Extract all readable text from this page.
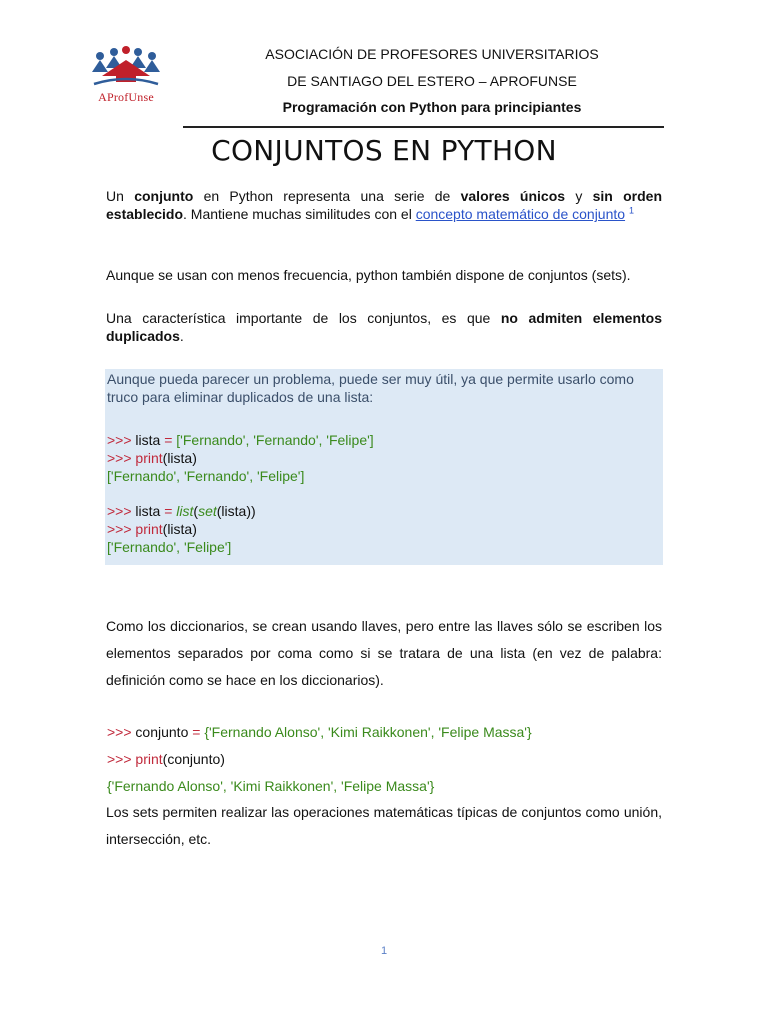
AProfUnse
ASOCIACIÓN DE PROFESORES UNIVERSITARIOS
DE SANTIAGO DEL ESTERO – APROFUNSE
Programación con Python para principiantes
CONJUNTOS EN PYTHON
Un conjunto en Python representa una serie de valores únicos y sin orden establecido. Mantiene muchas similitudes con el concepto matemático de conjunto $^1$
Aunque se usan con menos frecuencia, python también dispone de conjuntos (sets).
Una característica importante de los conjuntos, es que no admiten elementos duplicados.
Aunque pueda parecer un problema, puede ser muy útil, ya que permite usarlo como truco para eliminar duplicados de una lista:
>>> lista = ['Fernando', 'Fernando', 'Felipe']
>>> print(lista)
['Fernando', 'Fernando', 'Felipe']
>>> lista = list(set(lista))
>>> print(lista)
['Fernando', 'Felipe']
Como los diccionarios, se crean usando llaves, pero entre las llaves sólo se escriben los elementos separados por coma como si se tratara de una lista (en vez de palabra: definición como se hace en los diccionarios).
>>> conjunto = {'Fernando Alonso', 'Kimi Raikkonen', 'Felipe Massa'}
>>> print(conjunto)
{'Fernando Alonso', 'Kimi Raikkonen', 'Felipe Massa'}
Los sets permiten realizar las operaciones matemáticas típicas de conjuntos como unión, intersección, etc.
1
